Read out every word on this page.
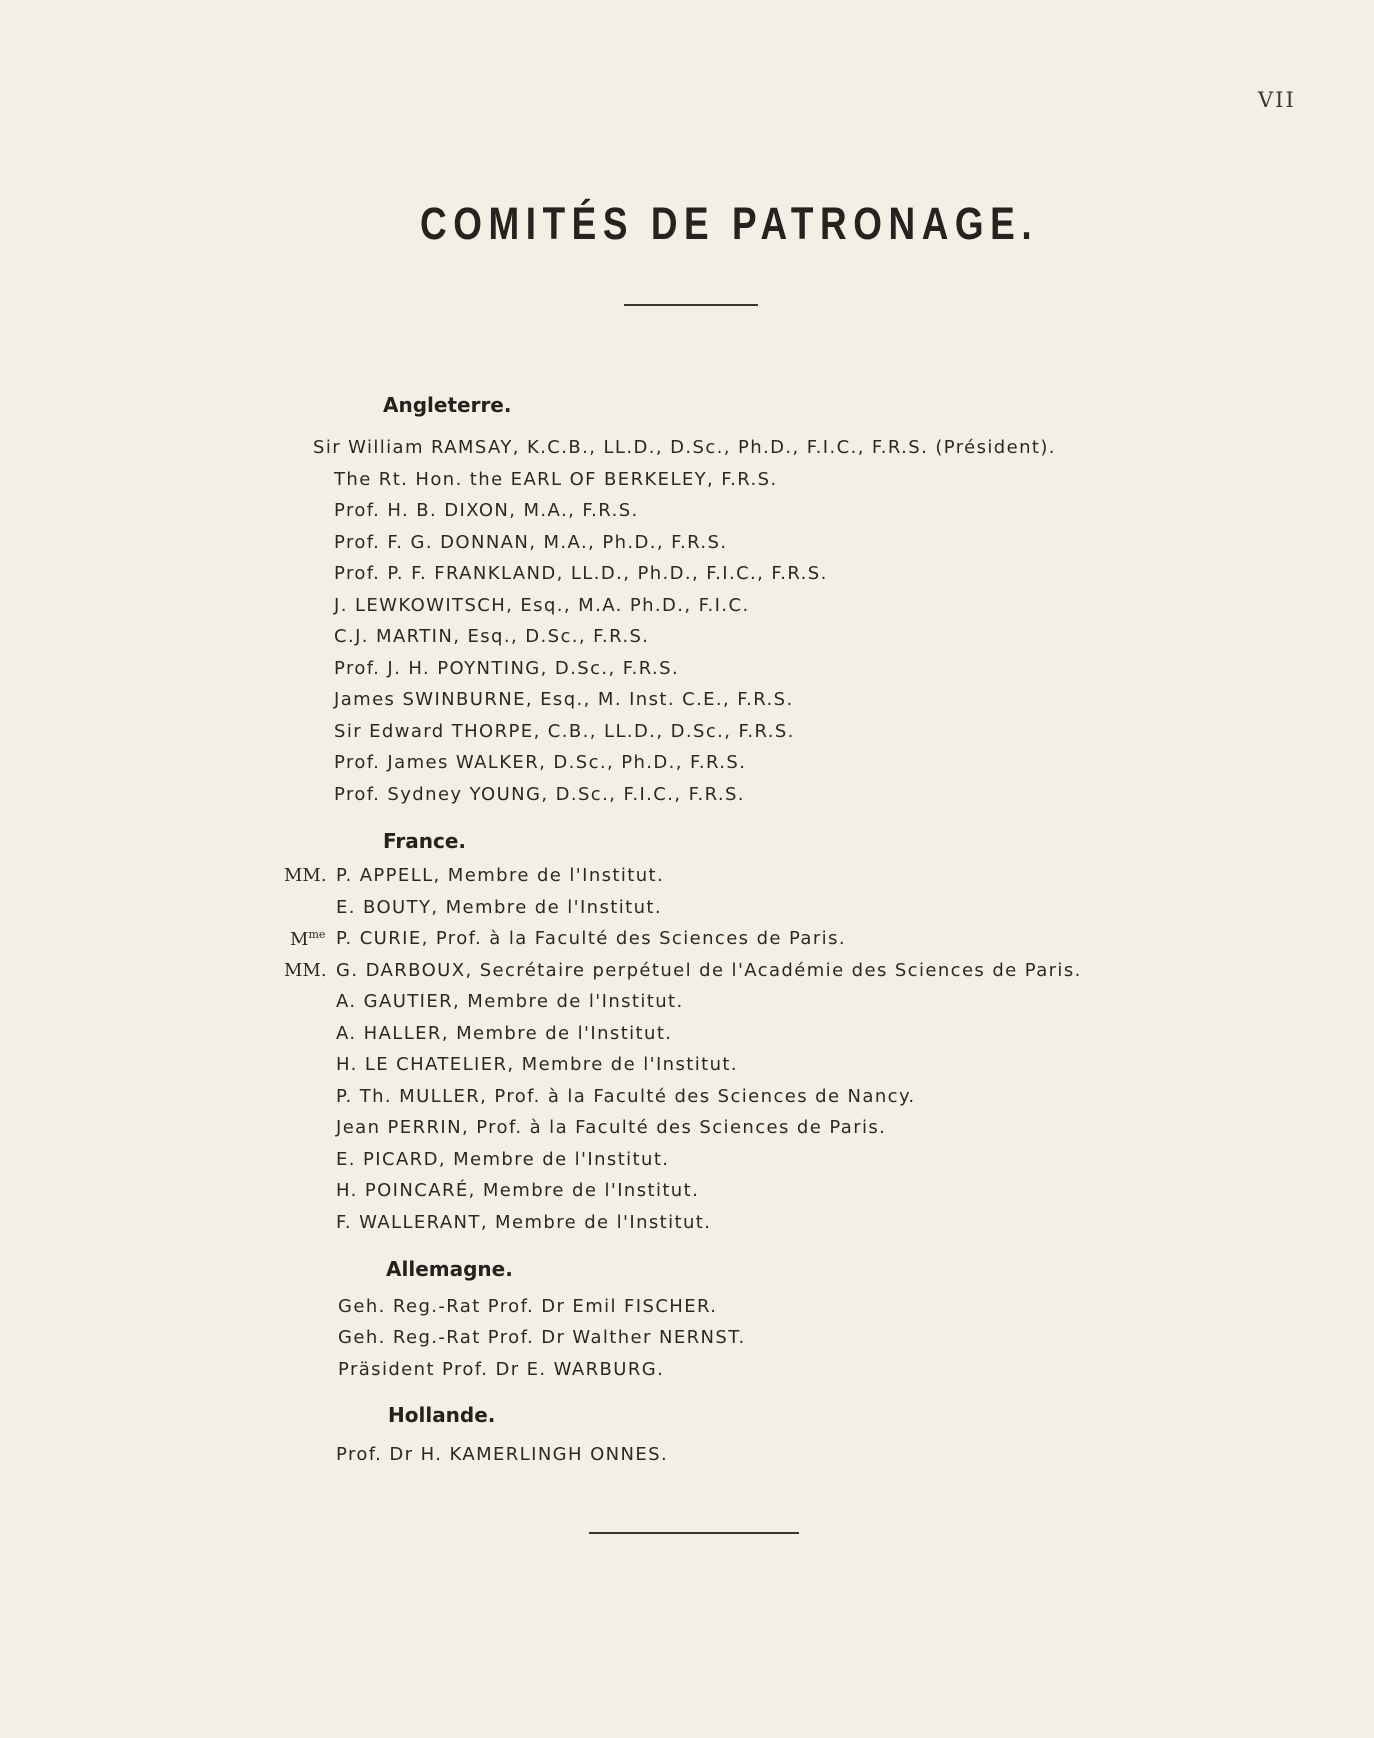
VII
COMITÉS DE PATRONAGE.
Angleterre.
Sir William RAMSAY, K.C.B., LL.D., D.Sc., Ph.D., F.I.C., F.R.S. (Président).
The Rt. Hon. the EARL OF BERKELEY, F.R.S.
Prof. H. B. DIXON, M.A., F.R.S.
Prof. F. G. DONNAN, M.A., Ph.D., F.R.S.
Prof. P. F. FRANKLAND, LL.D., Ph.D., F.I.C., F.R.S.
J. LEWKOWITSCH, Esq., M.A. Ph.D., F.I.C.
C.J. MARTIN, Esq., D.Sc., F.R.S.
Prof. J. H. POYNTING, D.Sc., F.R.S.
James SWINBURNE, Esq., M. Inst. C.E., F.R.S.
Sir Edward THORPE, C.B., LL.D., D.Sc., F.R.S.
Prof. James WALKER, D.Sc., Ph.D., F.R.S.
Prof. Sydney YOUNG, D.Sc., F.I.C., F.R.S.
France.
MM. P. APPELL, Membre de l'Institut.
E. BOUTY, Membre de l'Institut.
$M^{me}$ P. CURIE, Prof. à la Faculté des Sciences de Paris.
MM. G. DARBOUX, Secrétaire perpétuel de l'Académie des Sciences de Paris.
A. GAUTIER, Membre de l'Institut.
A. HALLER, Membre de l'Institut.
H. LE CHATELIER, Membre de l'Institut.
P. Th. MULLER, Prof. à la Faculté des Sciences de Nancy.
Jean PERRIN, Prof. à la Faculté des Sciences de Paris.
E. PICARD, Membre de l'Institut.
H. POINCARÉ, Membre de l'Institut.
F. WALLERANT, Membre de l'Institut.
Allemagne.
Geh. Reg.-Rat Prof. Dr Emil FISCHER.
Geh. Reg.-Rat Prof. Dr Walther NERNST.
Präsident Prof. Dr E. WARBURG.
Hollande.
Prof. Dr H. KAMERLINGH ONNES.
